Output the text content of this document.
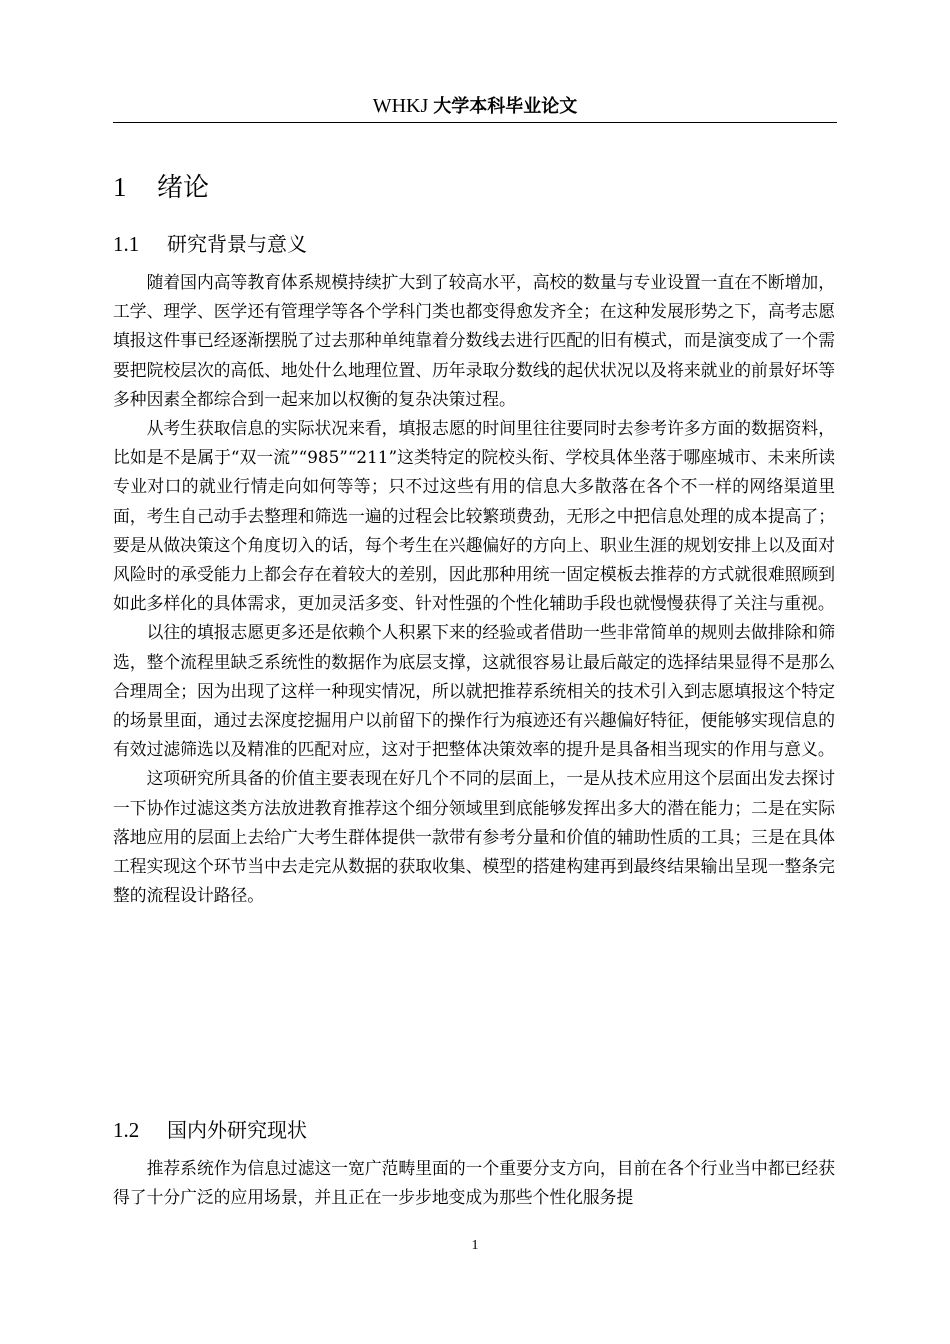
WHKJ 大学本科毕业论文
1 绪论
1.1 研究背景与意义

随着国内高等教育体系规模持续扩大到了较高水平，高校的数量与专业设置一直在不断增加，工学、理学、医学还有管理学等各个学科门类也都变得愈发齐全；在这种发展形势之下，高考志愿填报这件事已经逐渐摆脱了过去那种单纯靠着分数线去进行匹配的旧有模式，而是演变成了一个需要把院校层次的高低、地处什么地理位置、历年录取分数线的起伏状况以及将来就业的前景好坏等多种因素全都综合到一起来加以权衡的复杂决策过程。

从考生获取信息的实际状况来看，填报志愿的时间里往往要同时去参考许多方面的数据资料，比如是不是属于“双一流”“985”“211”这类特定的院校头衔、学校具体坐落于哪座城市、未来所读专业对口的就业行情走向如何等等；只不过这些有用的信息大多散落在各个不一样的网络渠道里面，考生自己动手去整理和筛选一遍的过程会比较繁琐费劲，无形之中把信息处理的成本提高了；要是从做决策这个角度切入的话，每个考生在兴趣偏好的方向上、职业生涯的规划安排上以及面对风险时的承受能力上都会存在着较大的差别，因此那种用统一固定模板去推荐的方式就很难照顾到如此多样化的具体需求，更加灵活多变、针对性强的个性化辅助手段也就慢慢获得了关注与重视。

以往的填报志愿更多还是依赖个人积累下来的经验或者借助一些非常简单的规则去做排除和筛选，整个流程里缺乏系统性的数据作为底层支撑，这就很容易让最后敲定的选择结果显得不是那么合理周全；因为出现了这样一种现实情况，所以就把推荐系统相关的技术引入到志愿填报这个特定的场景里面，通过去深度挖掘用户以前留下的操作行为痕迹还有兴趣偏好特征，便能够实现信息的有效过滤筛选以及精准的匹配对应，这对于把整体决策效率的提升是具备相当现实的作用与意义。

这项研究所具备的价值主要表现在好几个不同的层面上，一是从技术应用这个层面出发去探讨一下协作过滤这类方法放进教育推荐这个细分领域里到底能够发挥出多大的潜在能力；二是在实际落地应用的层面上去给广大考生群体提供一款带有参考分量和价值的辅助性质的工具；三是在具体工程实现这个环节当中去走完从数据的获取收集、模型的搭建构建再到最终结果输出呈现一整条完整的流程设计路径。

1.2 国内外研究现状

推荐系统作为信息过滤这一宽广范畴里面的一个重要分支方向，目前在各个行业当中都已经获得了十分广泛的应用场景，并且正在一步步地变成为那些个性化服务提

1
